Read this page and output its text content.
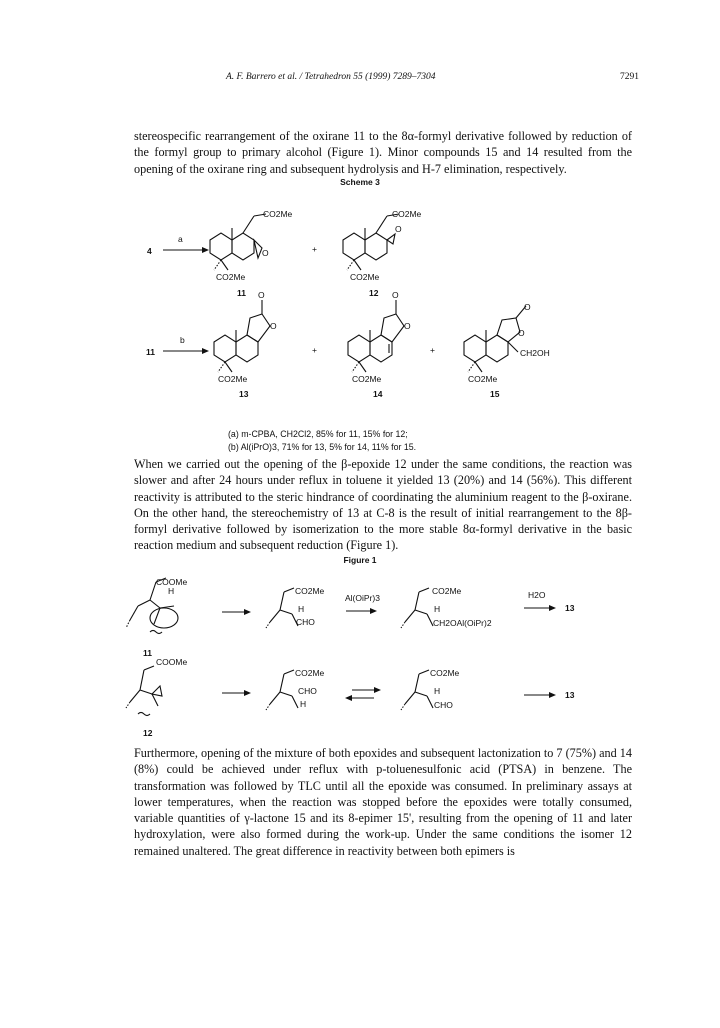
A. F. Barrero et al. / Tetrahedron 55 (1999) 7289–7304	7291

stereospecific rearrangement of the oxirane 11 to the 8α-formyl derivative followed by reduction of the formyl group to primary alcohol (Figure 1). Minor compounds 15 and 14 resulted from the opening of the oxirane ring and subsequent hydrolysis and H-7 elimination, respectively.

Scheme 3
4
a
O
CO2Me
CO2Me
11
+
O
CO2Me
CO2Me
12
11
b
O
O
CO2Me
13
+
O
O
CO2Me
14
+
O
O
CH2OH
CO2Me
15
(a) m-CPBA, CH2Cl2, 85% for 11, 15% for 12;
(b) Al(iPrO)3, 71% for 13, 5% for 14, 11% for 15.

When we carried out the opening of the β-epoxide 12 under the same conditions, the reaction was slower and after 24 hours under reflux in toluene it yielded 13 (20%) and 14 (56%). This different reactivity is attributed to the steric hindrance of coordinating the aluminium reagent to the β-oxirane. On the other hand, the stereochemistry of 13 at C-8 is the result of initial rearrangement to the 8β-formyl derivative followed by isomerization to the more stable 8α-formyl derivative in the basic reaction medium and subsequent reduction (Figure 1).

Figure 1
COOMe
H
11
CO2Me
H
CHO
Al(OiPr)3
CO2Me
H
CH2OAl(OiPr)2
H2O
13
COOMe
12
CO2Me
CHO
H
CO2Me
H
CHO
13

Furthermore, opening of the mixture of both epoxides and subsequent lactonization to 7 (75%) and 14 (8%) could be achieved under reflux with p-toluenesulfonic acid (PTSA) in benzene. The transformation was followed by TLC until all the epoxide was consumed. In preliminary assays at lower temperatures, when the reaction was stopped before the epoxides were totally consumed, variable quantities of γ-lactone 15 and its 8-epimer 15', resulting from the opening of 11 and later hydroxylation, were also formed during the work-up. Under the same conditions the isomer 12 remained unaltered. The great difference in reactivity between both epimers is
